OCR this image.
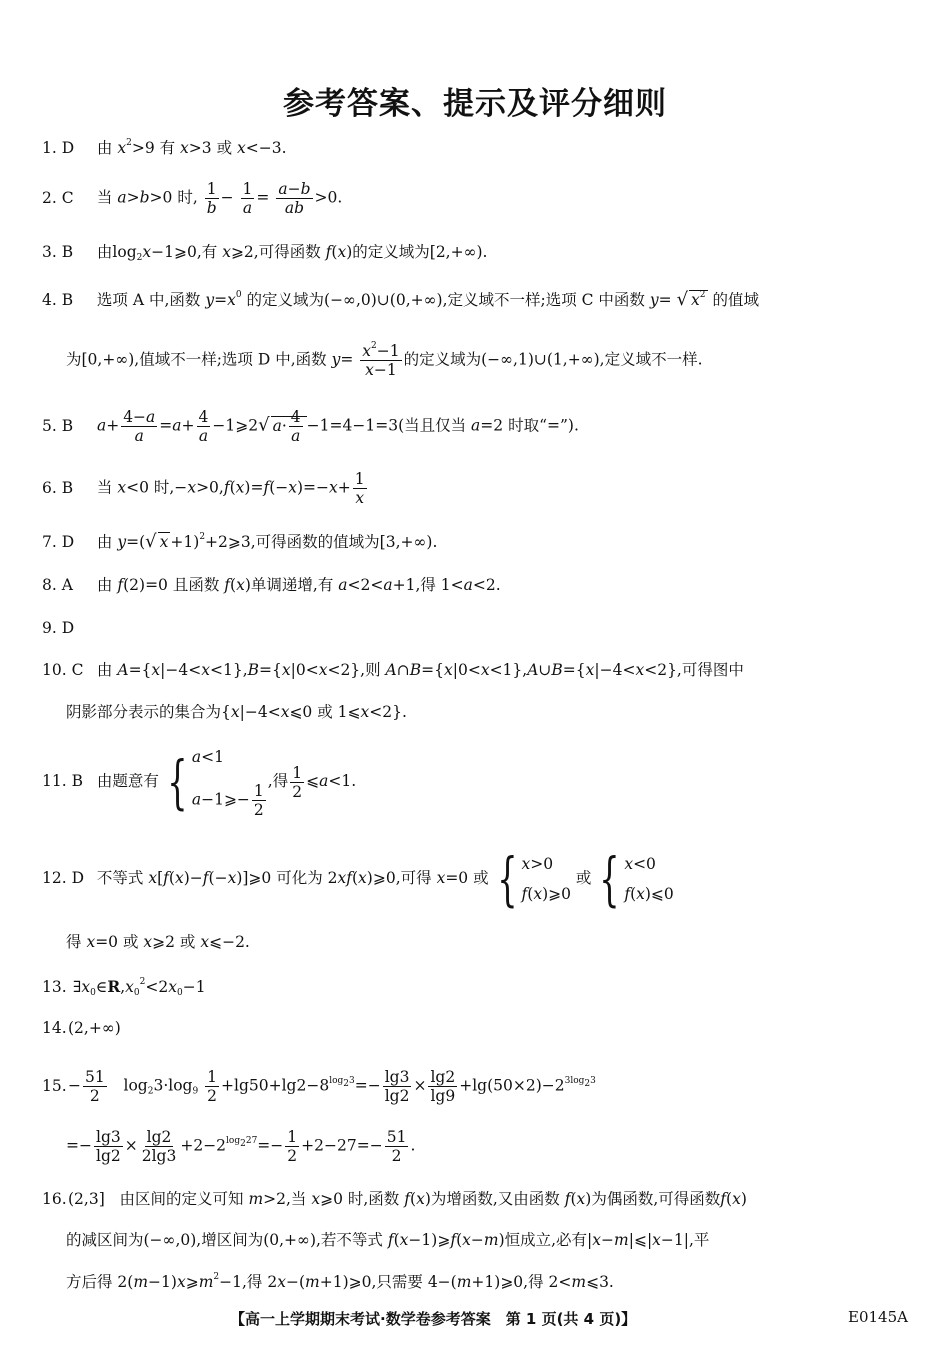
参考答案、提示及评分细则
1. D 由 $x^2>9$ 有 x>3 或 x<−3.
2. C 当 a>b>0 时, $\frac{1}{b} - \frac{1}{a} = \frac{a-b}{ab} >0$.
3. B 由$\log_2x-1⩾0$,有 x⩾2,可得函数 f(x)的定义域为[2,+∞).
4. B 选项 A 中,函数 $y=x^0$ 的定义域为(−∞,0)∪(0,+∞),定义域不一样;选项 C 中函数 y= √ $x^2$ 的值域
为[0,+∞),值域不一样;选项 D 中,函数 $y= \frac{x^2-1}{x-1}$ 的定义域为(−∞,1)∪(1,+∞),定义域不一样.
5. B $a+ \frac{4-a}{a} =a+ \frac{4}{a}$ −1⩾2√ $a\cdot \frac{4}{a} -1=4-1=3$(当且仅当 a=2 时取“=”).
6. B 当 x<0 时$,-x>0,f(x)=f(-x)=-x+ \frac{1}{x}$
7. D 由 y=(√ x +1)$^2$+2⩾3,可得函数的值域为[3,+∞).
8. A 由 f(2)=0 且函数 f(x)单调递增,有 a<2<a+1,得 1<a<2.
9. D
10. C 由 A={x|−4<x<1},B={x|0<x<2},则 A∩B={x|0<x<1},A∪B={x|−4<x<2},可得图中
阴影部分表示的集合为{x|−4<x⩽0 或 1⩽x<2}.
11. B 由题意有 { a<1
a−1⩾− $\frac{1}{2}$
,得 $\frac{1}{2}$ ⩽a<1.
12. D 不等式 x[f(x)−f(−x)]⩾0 可化为 2xf(x)⩾0,可得 x=0 或 { x>0
f(x)⩾0
或 { x<0
f(x)⩽0
得 x=0 或 x⩾2 或 x⩽−2.
13. $\exists x_0\in R,x_0^2<2x_0-1$
14.(2,+∞)
$15.- \frac{51}{2} \log_23\cdot\log_9 \frac{1}{2} +\lg 50+\lg 2-8^{log_23}=- \frac{\lg 3}{\lg 2} \times \frac{\lg 2}{\lg 9} +\lg(50\times 2)-2^{3log_23}$
=− $\frac{\lg 3}{\lg 2} \times \frac{\lg 2}{2\lg 3} +2-2^{log_227}=- \frac{1}{2} +2-27=- \frac{51}{2}$ .
16.(2,3]   由区间的定义可知 m>2,当 x⩾0 时,函数 f(x)为增函数,又由函数 f(x)为偶函数,可得函数f(x)
的减区间为(−∞,0),增区间为(0,+∞),若不等式 f(x−1)⩾f(x−m)恒成立,必有|x−m|⩽|x−1|,平
方后得 $2(m-1)x⩾m^2-1$,得 2x−(m+1)⩾0,只需要 4−(m+1)⩾0,得 2<m⩽3.
【高一上学期期末考试·数学卷参考答案　第 1 页(共 4 页)】	E0145A
